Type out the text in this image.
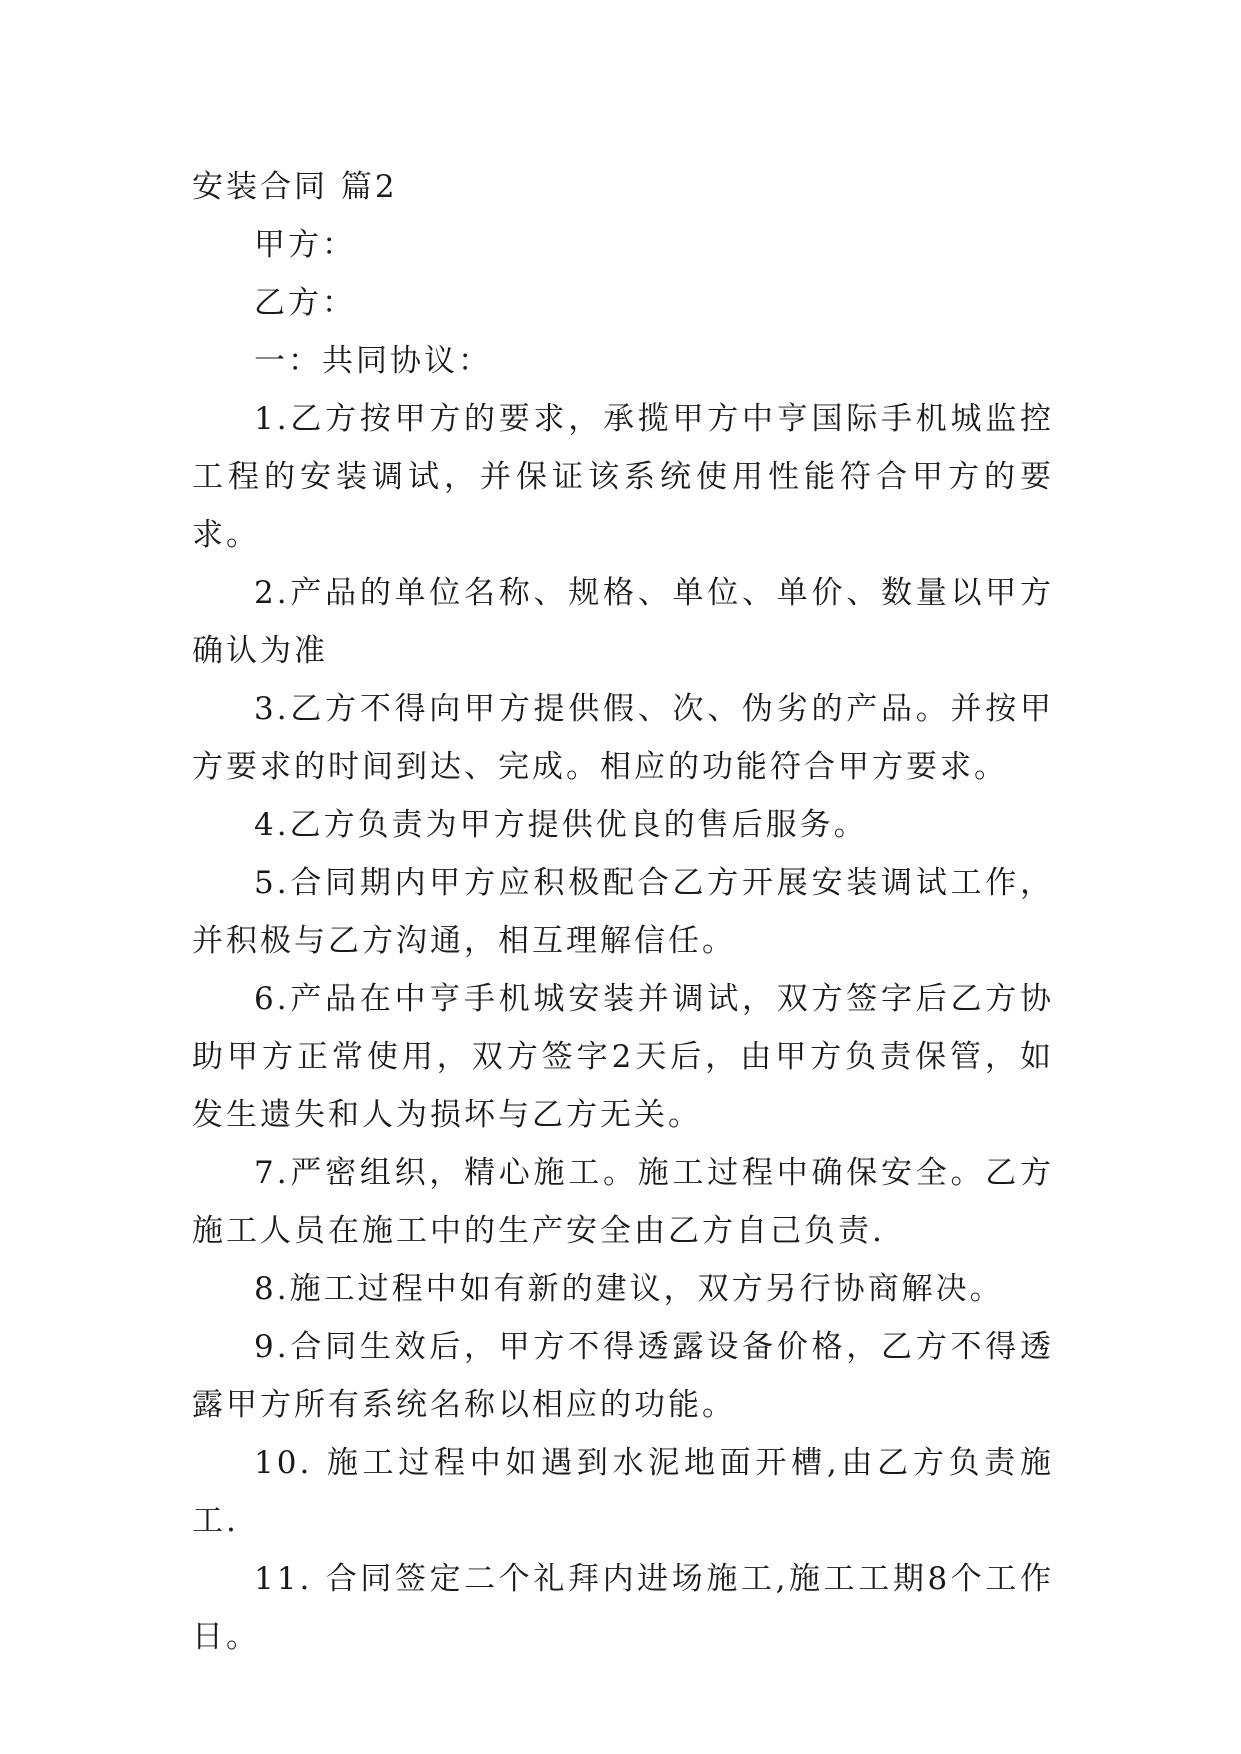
安装合同 篇2

甲方：

乙方：

一：共同协议：

1.乙方按甲方的要求，承揽甲方中亨国际手机城监控工程的安装调试，并保证该系统使用性能符合甲方的要求。

2.产品的单位名称、规格、单位、单价、数量以甲方确认为准

3.乙方不得向甲方提供假、次、伪劣的产品。并按甲方要求的时间到达、完成。相应的功能符合甲方要求。

4.乙方负责为甲方提供优良的售后服务。

5.合同期内甲方应积极配合乙方开展安装调试工作，并积极与乙方沟通，相互理解信任。

6.产品在中亨手机城安装并调试，双方签字后乙方协助甲方正常使用，双方签字2天后，由甲方负责保管，如发生遗失和人为损坏与乙方无关。

7.严密组织，精心施工。施工过程中确保安全。乙方施工人员在施工中的生产安全由乙方自己负责.

8.施工过程中如有新的建议，双方另行协商解决。

9.合同生效后，甲方不得透露设备价格，乙方不得透露甲方所有系统名称以相应的功能。

10. 施工过程中如遇到水泥地面开槽,由乙方负责施工.

11. 合同签定二个礼拜内进场施工,施工工期8个工作日。
